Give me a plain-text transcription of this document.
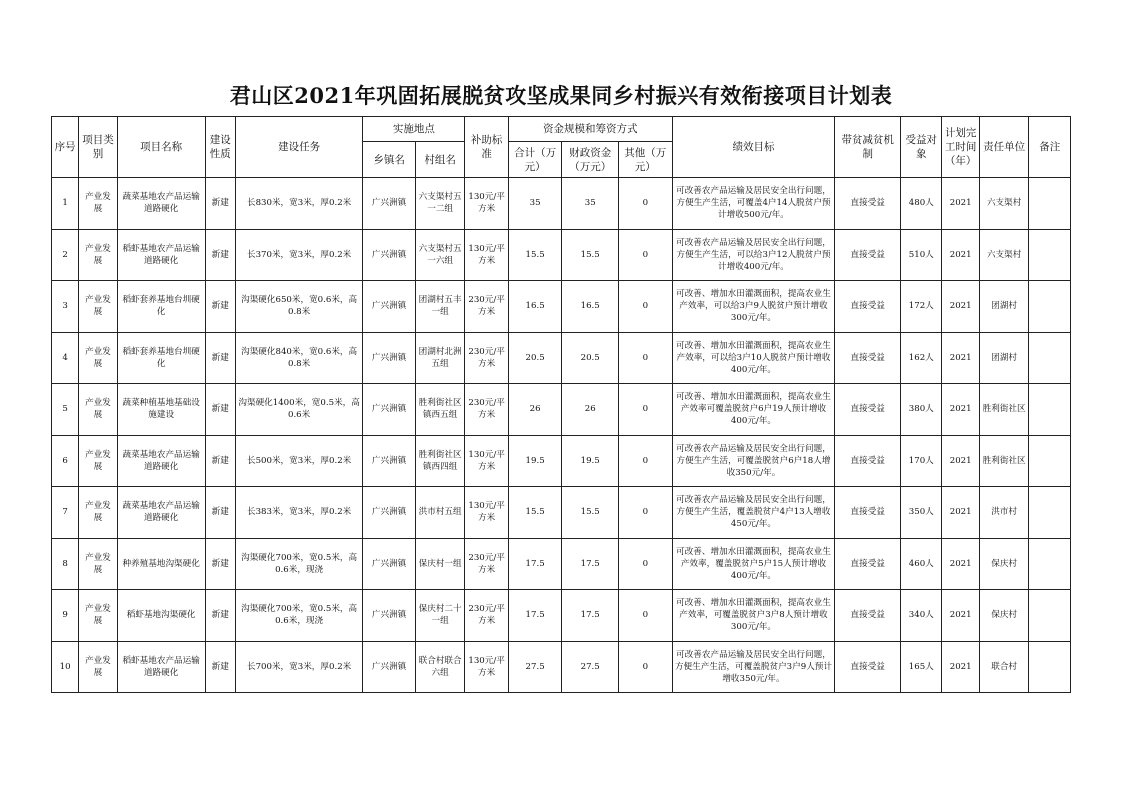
君山区2021年巩固拓展脱贫攻坚成果同乡村振兴有效衔接项目计划表
序号	项目类别	项目名称	建设性质	建设任务	实施地点		补助标准	资金规模和筹资方式			绩效目标	带贫减贫机制	受益对象	计划完工时间（年）	责任单位	备注
					乡镇名	村组名		合计（万元）	财政资金（万元）	其他（万元）						
1	产业发展	蔬菜基地农产品运输道路硬化	新建	长830米，宽3米，厚0.2米	广兴洲镇	六支渠村五一二组	130元/平方米	35	35	0	可改善农产品运输及居民安全出行问题，方便生产生活，可覆盖4户14人脱贫户预计增收500元/年。	直接受益	480人	2021	六支渠村	
2	产业发展	稻虾基地农产品运输道路硬化	新建	长370米，宽3米，厚0.2米	广兴洲镇	六支渠村五一六组	130元/平方米	15.5	15.5	0	可改善农产品运输及居民安全出行问题，方便生产生活，可以给3户12人脱贫户预计增收400元/年。	直接受益	510人	2021	六支渠村	
3	产业发展	稻虾套养基地台圳硬化	新建	沟渠硬化650米，宽0.6米，高0.8米	广兴洲镇	团湖村五丰一组	230元/平方米	16.5	16.5	0	可改善、增加水田灌溉面积，提高农业生产效率，可以给3户9人脱贫户预计增收300元/年。	直接受益	172人	2021	团湖村	
4	产业发展	稻虾套养基地台圳硬化	新建	沟渠硬化840米，宽0.6米，高0.8米	广兴洲镇	团湖村北洲五组	230元/平方米	20.5	20.5	0	可改善、增加水田灌溉面积，提高农业生产效率，可以给3户10人脱贫户预计增收400元/年。	直接受益	162人	2021	团湖村	
5	产业发展	蔬菜种植基地基础设施建设	新建	沟渠硬化1400米，宽0.5米，高0.6米	广兴洲镇	胜利街社区镇西五组	230元/平方米	26	26	0	可改善、增加水田灌溉面积，提高农业生产效率可覆盖脱贫户6户19人预计增收400元/年。	直接受益	380人	2021	胜利街社区	
6	产业发展	蔬菜基地农产品运输道路硬化	新建	长500米，宽3米，厚0.2米	广兴洲镇	胜利街社区镇西四组	130元/平方米	19.5	19.5	0	可改善农产品运输及居民安全出行问题，方便生产生活，可覆盖脱贫户6户18人增收350元/年。	直接受益	170人	2021	胜利街社区	
7	产业发展	蔬菜基地农产品运输道路硬化	新建	长383米，宽3米，厚0.2米	广兴洲镇	洪市村五组	130元/平方米	15.5	15.5	0	可改善农产品运输及居民安全出行问题，方便生产生活，覆盖脱贫户4户13人增收450元/年。	直接受益	350人	2021	洪市村	
8	产业发展	种养殖基地沟渠硬化	新建	沟渠硬化700米，宽0.5米，高0.6米，现浇	广兴洲镇	保庆村一组	230元/平方米	17.5	17.5	0	可改善、增加水田灌溉面积，提高农业生产效率，覆盖脱贫户5户15人预计增收400元/年。	直接受益	460人	2021	保庆村	
9	产业发展	稻虾基地沟渠硬化	新建	沟渠硬化700米，宽0.5米，高0.6米，现浇	广兴洲镇	保庆村二十一组	230元/平方米	17.5	17.5	0	可改善、增加水田灌溉面积，提高农业生产效率，可覆盖脱贫户3户8人预计增收300元/年。	直接受益	340人	2021	保庆村	
10	产业发展	稻虾基地农产品运输道路硬化	新建	长700米，宽3米，厚0.2米	广兴洲镇	联合村联合六组	130元/平方米	27.5	27.5	0	可改善农产品运输及居民安全出行问题，方便生产生活，可覆盖脱贫户3户9人预计增收350元/年。	直接受益	165人	2021	联合村	
